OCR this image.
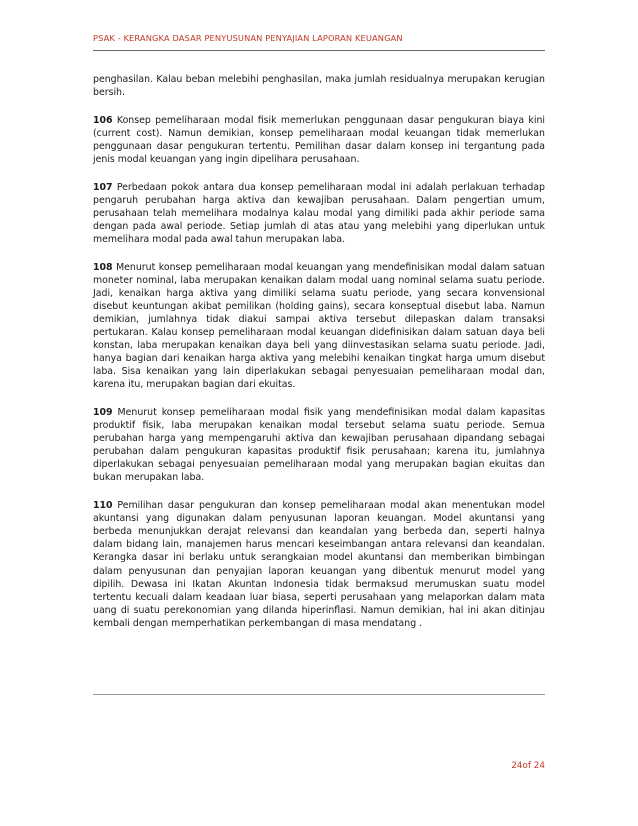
PSAK - KERANGKA DASAR PENYUSUNAN PENYAJIAN LAPORAN KEUANGAN

penghasilan. Kalau beban melebihi penghasilan, maka jumlah residualnya merupakan kerugian bersih.

106 Konsep pemeliharaan modal fisik memerlukan penggunaan dasar pengukuran biaya kini (current cost). Namun demikian, konsep pemeliharaan modal keuangan tidak memerlukan penggunaan dasar pengukuran tertentu. Pemilihan dasar dalam konsep ini tergantung pada jenis modal keuangan yang ingin dipelihara perusahaan.

107 Perbedaan pokok antara dua konsep pemeliharaan modal ini adalah perlakuan terhadap pengaruh perubahan harga aktiva dan kewajiban perusahaan. Dalam pengertian umum, perusahaan telah memelihara modalnya kalau modal yang dimiliki pada akhir periode sama dengan pada awal periode. Setiap jumlah di atas atau yang melebihi yang diperlukan untuk memelihara modal pada awal tahun merupakan laba.

108 Menurut konsep pemeliharaan modal keuangan yang mendefinisikan modal dalam satuan moneter nominal, laba merupakan kenaikan dalam modal uang nominal selama suatu periode. Jadi, kenaikan harga aktiva yang dimiliki selama suatu periode, yang secara konvensional disebut keuntungan akibat pemilikan (holding gains), secara konseptual disebut laba. Namun demikian, jumlahnya tidak diakui sampai aktiva tersebut dilepaskan dalam transaksi pertukaran. Kalau konsep pemeliharaan modal keuangan didefinisikan dalam satuan daya beli konstan, laba merupakan kenaikan daya beli yang diinvestasikan selama suatu periode. Jadi, hanya bagian dari kenaikan harga aktiva yang melebihi kenaikan tingkat harga umum disebut laba. Sisa kenaikan yang lain diperlakukan sebagai penyesuaian pemeliharaan modal dan, karena itu, merupakan bagian dari ekuitas.

109 Menurut konsep pemeliharaan modal fisik yang mendefinisikan modal dalam kapasitas produktif fisik, laba merupakan kenaikan modal tersebut selama suatu periode. Semua perubahan harga yang mempengaruhi aktiva dan kewajiban perusahaan dipandang sebagai perubahan dalam pengukuran kapasitas produktif fisik perusahaan; karena itu, jumlahnya diperlakukan sebagai penyesuaian pemeliharaan modal yang merupakan bagian ekuitas dan bukan merupakan laba.

110 Pemilihan dasar pengukuran dan konsep pemeliharaan modal akan menentukan model akuntansi yang digunakan dalam penyusunan laporan keuangan. Model akuntansi yang berbeda menunjukkan derajat relevansi dan keandalan yang berbeda dan, seperti halnya dalam bidang lain, manajemen harus mencari keseimbangan antara relevansi dan keandalan. Kerangka dasar ini berlaku untuk serangkaian model akuntansi dan memberikan bimbingan dalam penyusunan dan penyajian laporan keuangan yang dibentuk menurut model yang dipilih. Dewasa ini Ikatan Akuntan Indonesia tidak bermaksud merumuskan suatu model tertentu kecuali dalam keadaan luar biasa, seperti perusahaan yang melaporkan dalam mata uang di suatu perekonomian yang dilanda hiperinflasi. Namun demikian, hal ini akan ditinjau kembali dengan memperhatikan perkembangan di masa mendatang .

24of 24
